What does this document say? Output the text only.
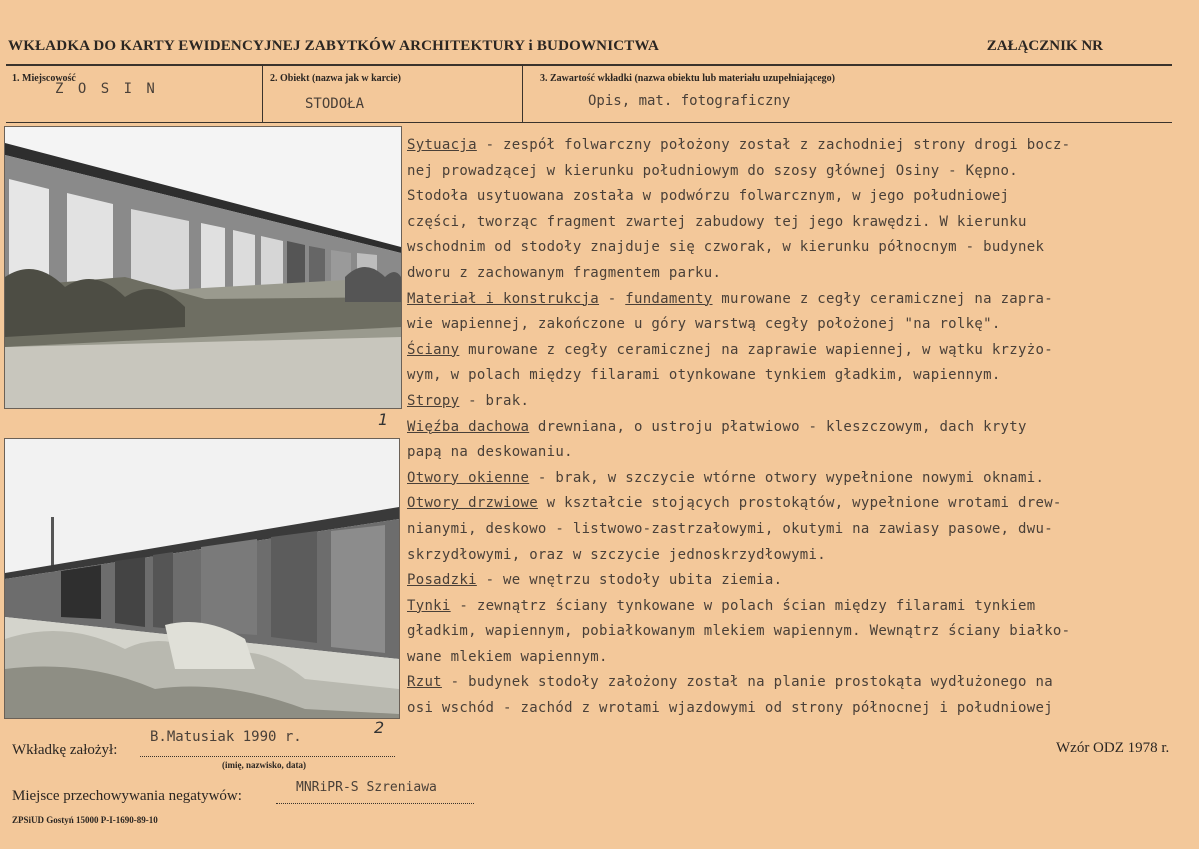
WKŁADKA DO KARTY EWIDENCYJNEJ ZABYTKÓW ARCHITEKTURY i BUDOWNICTWA	ZAŁĄCZNIK NR
1. Miejscowość
Z O S I N
2. Obiekt (nazwa jak w karcie)
STODOŁA
3. Zawartość wkładki (nazwa obiektu lub materiału uzupełniającego)
Opis, mat. fotograficzny
1
2
Sytuacja - zespół folwarczny położony został z zachodniej strony drogi bocz-
nej prowadzącej w kierunku południowym do szosy głównej Osiny - Kępno.
Stodoła usytuowana została w podwórzu folwarcznym, w jego południowej
części, tworząc fragment zwartej zabudowy tej jego krawędzi. W kierunku
wschodnim od stodoły znajduje się czworak, w kierunku północnym - budynek
dworu z zachowanym fragmentem parku.
Materiał i konstrukcja - fundamenty murowane z cegły ceramicznej na zapra-
wie wapiennej, zakończone u góry warstwą cegły położonej "na rolkę".
Ściany murowane z cegły ceramicznej na zaprawie wapiennej, w wątku krzyżo-
wym, w polach między filarami otynkowane tynkiem gładkim, wapiennym.
Stropy - brak.
Więźba dachowa drewniana, o ustroju płatwiowo - kleszczowym, dach kryty
papą na deskowaniu.
Otwory okienne - brak, w szczycie wtórne otwory wypełnione nowymi oknami.
Otwory drzwiowe w kształcie stojących prostokątów, wypełnione wrotami drew-
nianymi, deskowo - listwowo-zastrzałowymi, okutymi na zawiasy pasowe, dwu-
skrzydłowymi, oraz w szczycie jednoskrzydłowymi.
Posadzki - we wnętrzu stodoły ubita ziemia.
Tynki - zewnątrz ściany tynkowane w polach ścian między filarami tynkiem
gładkim, wapiennym, pobiałkowanym mlekiem wapiennym. Wewnątrz ściany białko-
wane mlekiem wapiennym.
Rzut - budynek stodoły założony został na planie prostokąta wydłużonego na
osi wschód - zachód z wrotami wjazdowymi od strony północnej i południowej
Wkładkę założył:
B.Matusiak 1990 r.
(imię, nazwisko, data)
Wzór ODZ 1978 r.
Miejsce przechowywania negatywów:
MNRiPR-S Szreniawa
ZPSiUD Gostyń 15000 P-I-1690-89-10
